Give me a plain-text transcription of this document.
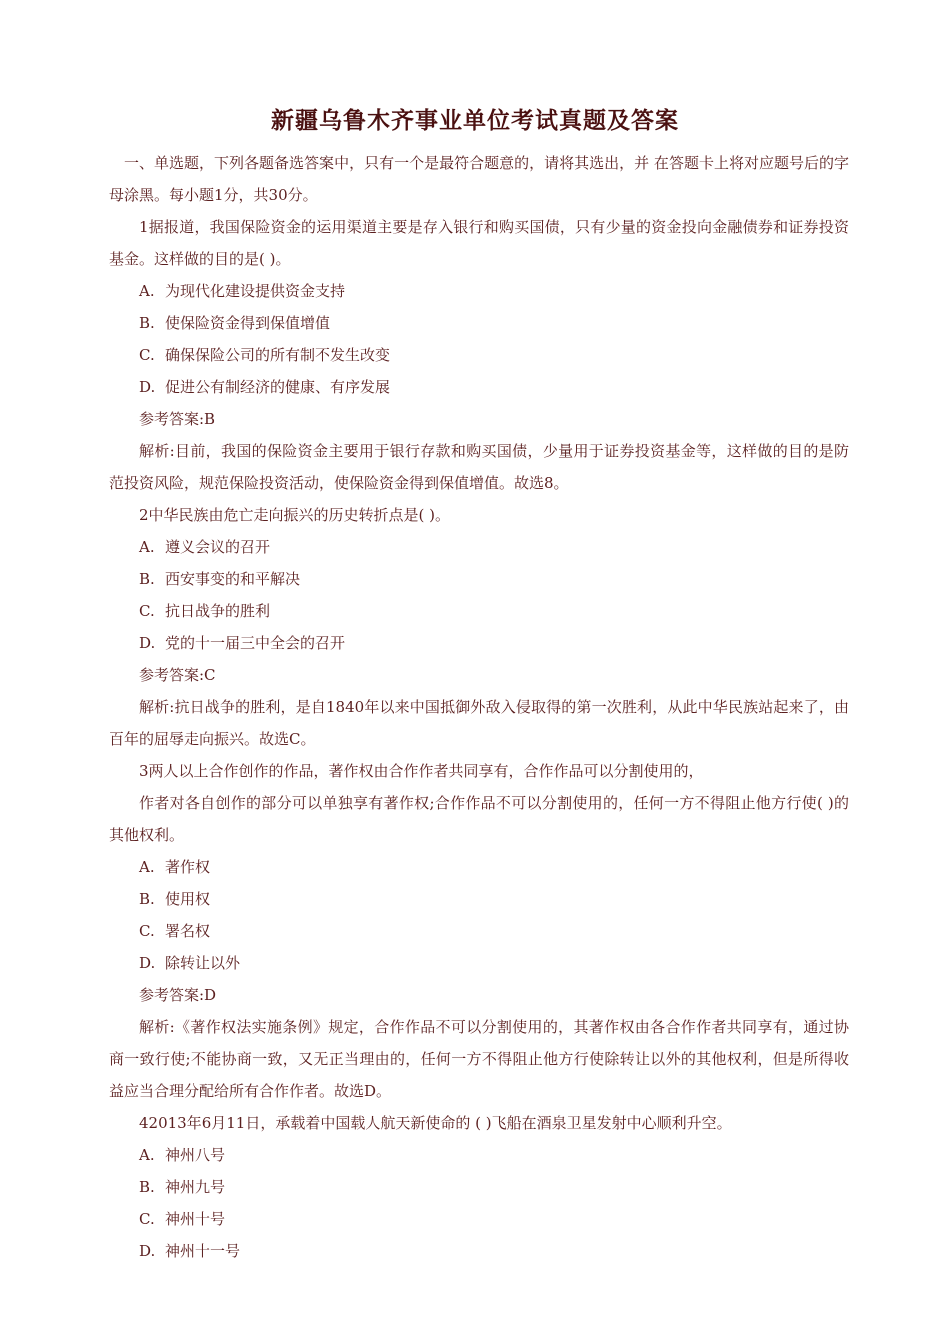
新疆乌鲁木齐事业单位考试真题及答案

一、单选题，下列各题备选答案中，只有一个是最符合题意的，请将其选出，并 在答题卡上将对应题号后的字母涂黑。每小题1分，共30分。

1据报道，我国保险资金的运用渠道主要是存入银行和购买国债，只有少量的资金投向金融债券和证券投资基金。这样做的目的是( )。

A. 为现代化建设提供资金支持

B. 使保险资金得到保值增值

C. 确保保险公司的所有制不发生改变

D. 促进公有制经济的健康、有序发展

参考答案:B

解析:目前，我国的保险资金主要用于银行存款和购买国债，少量用于证券投资基金等，这样做的目的是防范投资风险，规范保险投资活动，使保险资金得到保值增值。故选8。

2中华民族由危亡走向振兴的历史转折点是( )。

A. 遵义会议的召开

B. 西安事变的和平解决

C. 抗日战争的胜利

D. 党的十一届三中全会的召开

参考答案:C

解析:抗日战争的胜利，是自1840年以来中国抵御外敌入侵取得的第一次胜利，从此中华民族站起来了，由百年的屈辱走向振兴。故选C。

3两人以上合作创作的作品，著作权由合作作者共同享有，合作作品可以分割使用的，

作者对各自创作的部分可以单独享有著作权;合作作品不可以分割使用的，任何一方不得阻止他方行使( )的其他权利。

A. 著作权

B. 使用权

C. 署名权

D. 除转让以外

参考答案:D

解析:《著作权法实施条例》规定，合作作品不可以分割使用的，其著作权由各合作作者共同享有，通过协商一致行使;不能协商一致，又无正当理由的，任何一方不得阻止他方行使除转让以外的其他权利，但是所得收益应当合理分配给所有合作作者。故选D。

42013年6月11日，承载着中国载人航天新使命的 ( )飞船在酒泉卫星发射中心顺利升空。

A. 神州八号

B. 神州九号

C. 神州十号

D. 神州十一号
